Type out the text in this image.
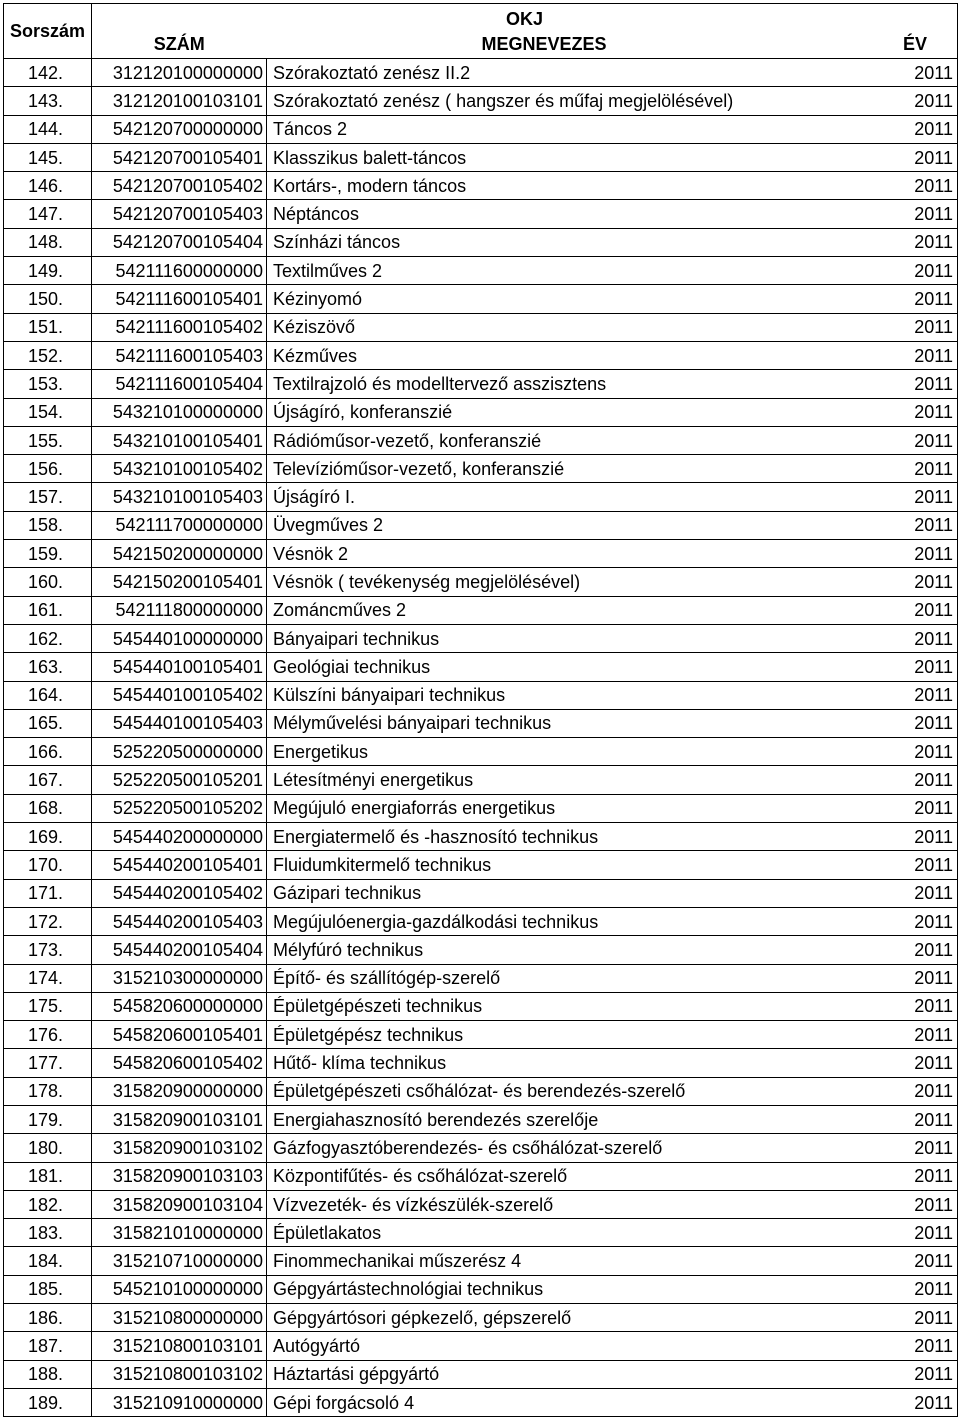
Sorszám	OKJ		
	SZÁM	MEGNEVEZES	ÉV
142.	312120100000000	Szórakoztató zenész II.2	2011
143.	312120100103101	Szórakoztató zenész ( hangszer és műfaj megjelölésével)	2011
144.	542120700000000	Táncos 2	2011
145.	542120700105401	Klasszikus balett-táncos	2011
146.	542120700105402	Kortárs-, modern táncos	2011
147.	542120700105403	Néptáncos	2011
148.	542120700105404	Színházi táncos	2011
149.	542111600000000	Textilműves 2	2011
150.	542111600105401	Kézinyomó	2011
151.	542111600105402	Kéziszövő	2011
152.	542111600105403	Kézműves	2011
153.	542111600105404	Textilrajzoló és modelltervező asszisztens	2011
154.	543210100000000	Újságíró, konferanszié	2011
155.	543210100105401	Rádióműsor-vezető, konferanszié	2011
156.	543210100105402	Televízióműsor-vezető, konferanszié	2011
157.	543210100105403	Újságíró I.	2011
158.	542111700000000	Üvegműves 2	2011
159.	542150200000000	Vésnök 2	2011
160.	542150200105401	Vésnök ( tevékenység megjelölésével)	2011
161.	542111800000000	Zománcműves 2	2011
162.	545440100000000	Bányaipari technikus	2011
163.	545440100105401	Geológiai technikus	2011
164.	545440100105402	Külszíni bányaipari technikus	2011
165.	545440100105403	Mélyművelési bányaipari technikus	2011
166.	525220500000000	Energetikus	2011
167.	525220500105201	Létesítményi energetikus	2011
168.	525220500105202	Megújuló energiaforrás energetikus	2011
169.	545440200000000	Energiatermelő és -hasznosító technikus	2011
170.	545440200105401	Fluidumkitermelő technikus	2011
171.	545440200105402	Gázipari technikus	2011
172.	545440200105403	Megújulóenergia-gazdálkodási technikus	2011
173.	545440200105404	Mélyfúró technikus	2011
174.	315210300000000	Építő- és szállítógép-szerelő	2011
175.	545820600000000	Épületgépészeti technikus	2011
176.	545820600105401	Épületgépész technikus	2011
177.	545820600105402	Hűtő- klíma technikus	2011
178.	315820900000000	Épületgépészeti csőhálózat- és berendezés-szerelő	2011
179.	315820900103101	Energiahasznosító berendezés szerelője	2011
180.	315820900103102	Gázfogyasztóberendezés- és csőhálózat-szerelő	2011
181.	315820900103103	Központifűtés- és csőhálózat-szerelő	2011
182.	315820900103104	Vízvezeték- és vízkészülék-szerelő	2011
183.	315821010000000	Épületlakatos	2011
184.	315210710000000	Finommechanikai műszerész 4	2011
185.	545210100000000	Gépgyártástechnológiai technikus	2011
186.	315210800000000	Gépgyártósori gépkezelő, gépszerelő	2011
187.	315210800103101	Autógyártó	2011
188.	315210800103102	Háztartási gépgyártó	2011
189.	315210910000000	Gépi forgácsoló 4	2011
